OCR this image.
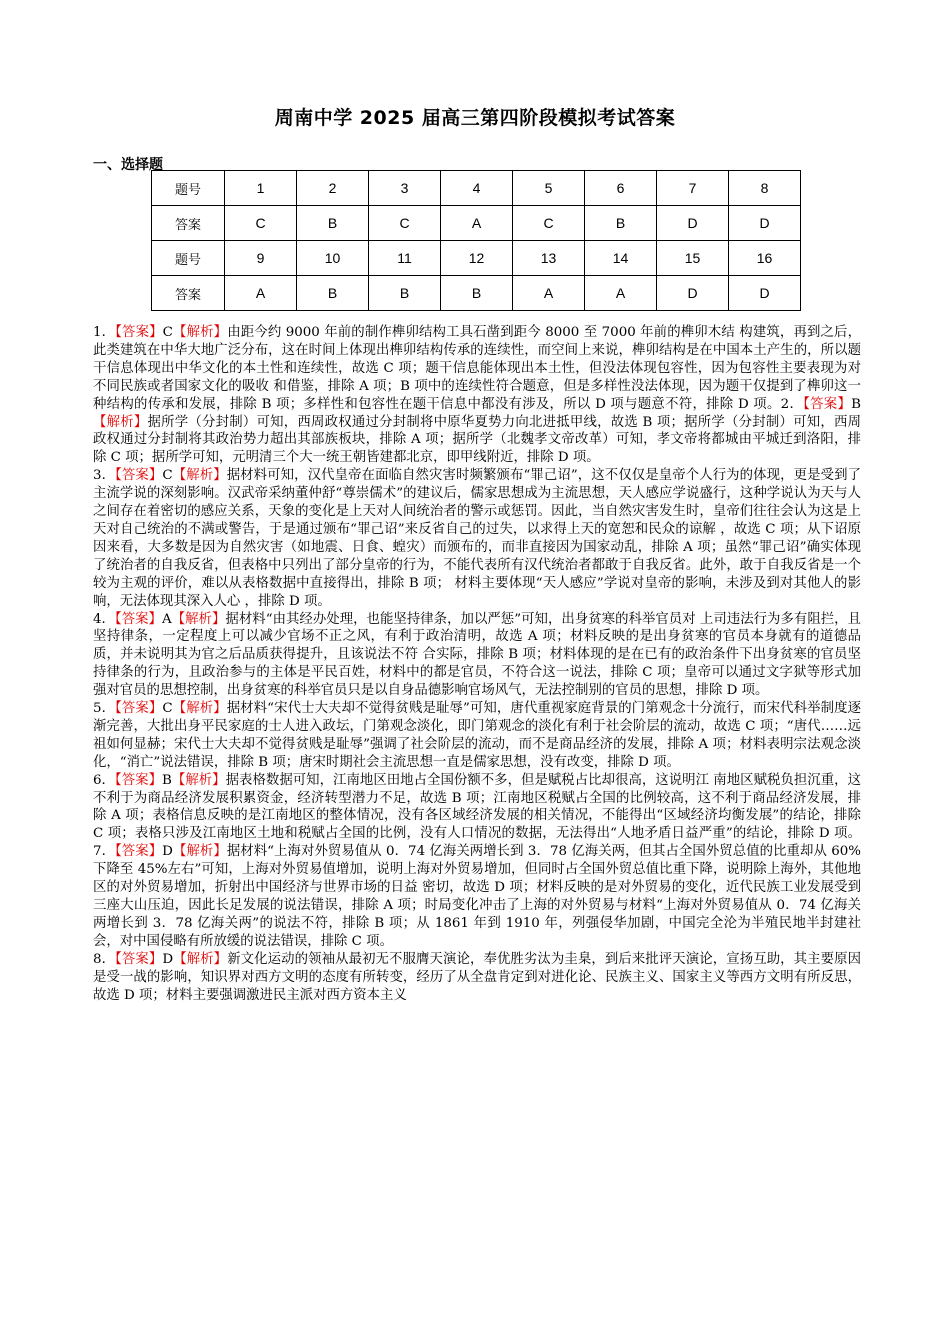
周南中学 2025 届高三第四阶段模拟考试答案
一、选择题
题号	1	2	3	4	5	6	7	8
答案	C	B	C	A	C	B	D	D
题号	9	10	11	12	13	14	15	16
答案	A	B	B	B	A	A	D	D

1．【答案】C【解析】由距今约 9000 年前的制作榫卯结构工具石凿到距今 8000 至 7000 年前的榫卯木结 构建筑，再到之后，此类建筑在中华大地广泛分布，这在时间上体现出榫卯结构传承的连续性，而空间上来说，榫卯结构是在中国本土产生的，所以题干信息体现出中华文化的本土性和连续性，故选 C 项；题干信息能体现出本土性，但没法体现包容性，因为包容性主要表现为对不同民族或者国家文化的吸收 和借鉴，排除 A 项；B 项中的连续性符合题意，但是多样性没法体现，因为题干仅提到了榫卯这一种结构的传承和发展，排除 B 项；多样性和包容性在题干信息中都没有涉及，所以 D 项与题意不符，排除 D 项。2．【答案】B【解析】据所学（分封制）可知，西周政权通过分封制将中原华夏势力向北进抵甲线，故选 B 项；据所学（分封制）可知，西周政权通过分封制将其政治势力超出其部族板块，排除 A 项；据所学（北魏孝文帝改革）可知，孝文帝将都城由平城迁到洛阳，排除 C 项；据所学可知，元明清三个大一统王朝皆建都北京，即甲线附近，排除 D 项。

3．【答案】C【解析】据材料可知，汉代皇帝在面临自然灾害时频繁颁布“罪己诏”，这不仅仅是皇帝个人行为的体现，更是受到了主流学说的深刻影响。汉武帝采纳董仲舒“尊崇儒术”的建议后，儒家思想成为主流思想，天人感应学说盛行，这种学说认为天与人之间存在着密切的感应关系，天象的变化是上天对人间统治者的警示或惩罚。因此，当自然灾害发生时，皇帝们往往会认为这是上天对自己统治的不满或警告，于是通过颁布“罪己诏”来反省自己的过失，以求得上天的宽恕和民众的谅解 ，故选 C 项；从下诏原因来看，大多数是因为自然灾害（如地震、日食、蝗灾）而颁布的，而非直接因为国家动乱，排除 A 项；虽然“罪己诏”确实体现了统治者的自我反省，但表格中只列出了部分皇帝的行为，不能代表所有汉代统治者都敢于自我反省。此外，敢于自我反省是一个较为主观的评价，难以从表格数据中直接得出，排除 B 项； 材料主要体现“天人感应”学说对皇帝的影响，未涉及到对其他人的影响，无法体现其深入人心 ，排除 D 项。

4．【答案】A【解析】据材料“由其经办处理，也能坚持律条，加以严惩”可知，出身贫寒的科举官员对 上司违法行为多有阻拦，且坚持律条，一定程度上可以减少官场不正之风，有利于政治清明，故选 A 项；材料反映的是出身贫寒的官员本身就有的道德品质，并未说明其为官之后品质获得提升，且该说法不符 合实际，排除 B 项；材料体现的是在已有的政治条件下出身贫寒的官员坚持律条的行为，且政治参与的主体是平民百姓，材料中的都是官员，不符合这一说法，排除 C 项；皇帝可以通过文字狱等形式加强对官员的思想控制，出身贫寒的科举官员只是以自身品德影响官场风气，无法控制别的官员的思想，排除 D 项。

5．【答案】C【解析】据材料“宋代士大夫却不觉得贫贱是耻辱”可知，唐代重视家庭背景的门第观念十分流行，而宋代科举制度逐渐完善，大批出身平民家庭的士人进入政坛，门第观念淡化，即门第观念的淡化有利于社会阶层的流动，故选 C 项；“唐代……远祖如何显赫；宋代士大夫却不觉得贫贱是耻辱”强调了社会阶层的流动，而不是商品经济的发展，排除 A 项；材料表明宗法观念淡化，“消亡”说法错误，排除 B 项；唐宋时期社会主流思想一直是儒家思想，没有改变，排除 D 项。

6．【答案】B【解析】据表格数据可知，江南地区田地占全国份额不多，但是赋税占比却很高，这说明江 南地区赋税负担沉重，这不利于为商品经济发展积累资金，经济转型潜力不足，故选 B 项；江南地区税赋占全国的比例较高，这不利于商品经济发展，排除 A 项；表格信息反映的是江南地区的整体情况，没有各区域经济发展的相关情况，不能得出“区域经济均衡发展”的结论，排除 C 项；表格只涉及江南地区土地和税赋占全国的比例，没有人口情况的数据，无法得出“人地矛盾日益严重”的结论，排除 D 项。7．【答案】D【解析】据材料“上海对外贸易值从 0．74 亿海关两增长到 3．78 亿海关两，但其占全国外贸总值的比重却从 60%下降至 45%左右”可知，上海对外贸易值增加，说明上海对外贸易增加，但同时占全国外贸总值比重下降，说明除上海外，其他地区的对外贸易增加，折射出中国经济与世界市场的日益 密切，故选 D 项；材料反映的是对外贸易的变化，近代民族工业发展受到三座大山压迫，因此长足发展的说法错误，排除 A 项；时局变化冲击了上海的对外贸易与材料“上海对外贸易值从 0．74 亿海关两增长到 3．78 亿海关两”的说法不符，排除 B 项；从 1861 年到 1910 年，列强侵华加剧，中国完全沦为半殖民地半封建社会，对中国侵略有所放缓的说法错误，排除 C 项。

8．【答案】D【解析】新文化运动的领袖从最初无不服膺天演论，奉优胜劣汰为圭臬，到后来批评天演论，宣扬互助，其主要原因是受一战的影响，知识界对西方文明的态度有所转变，经历了从全盘肯定到对进化论、民族主义、国家主义等西方文明有所反思，故选 D 项；材料主要强调激进民主派对西方资本主义
